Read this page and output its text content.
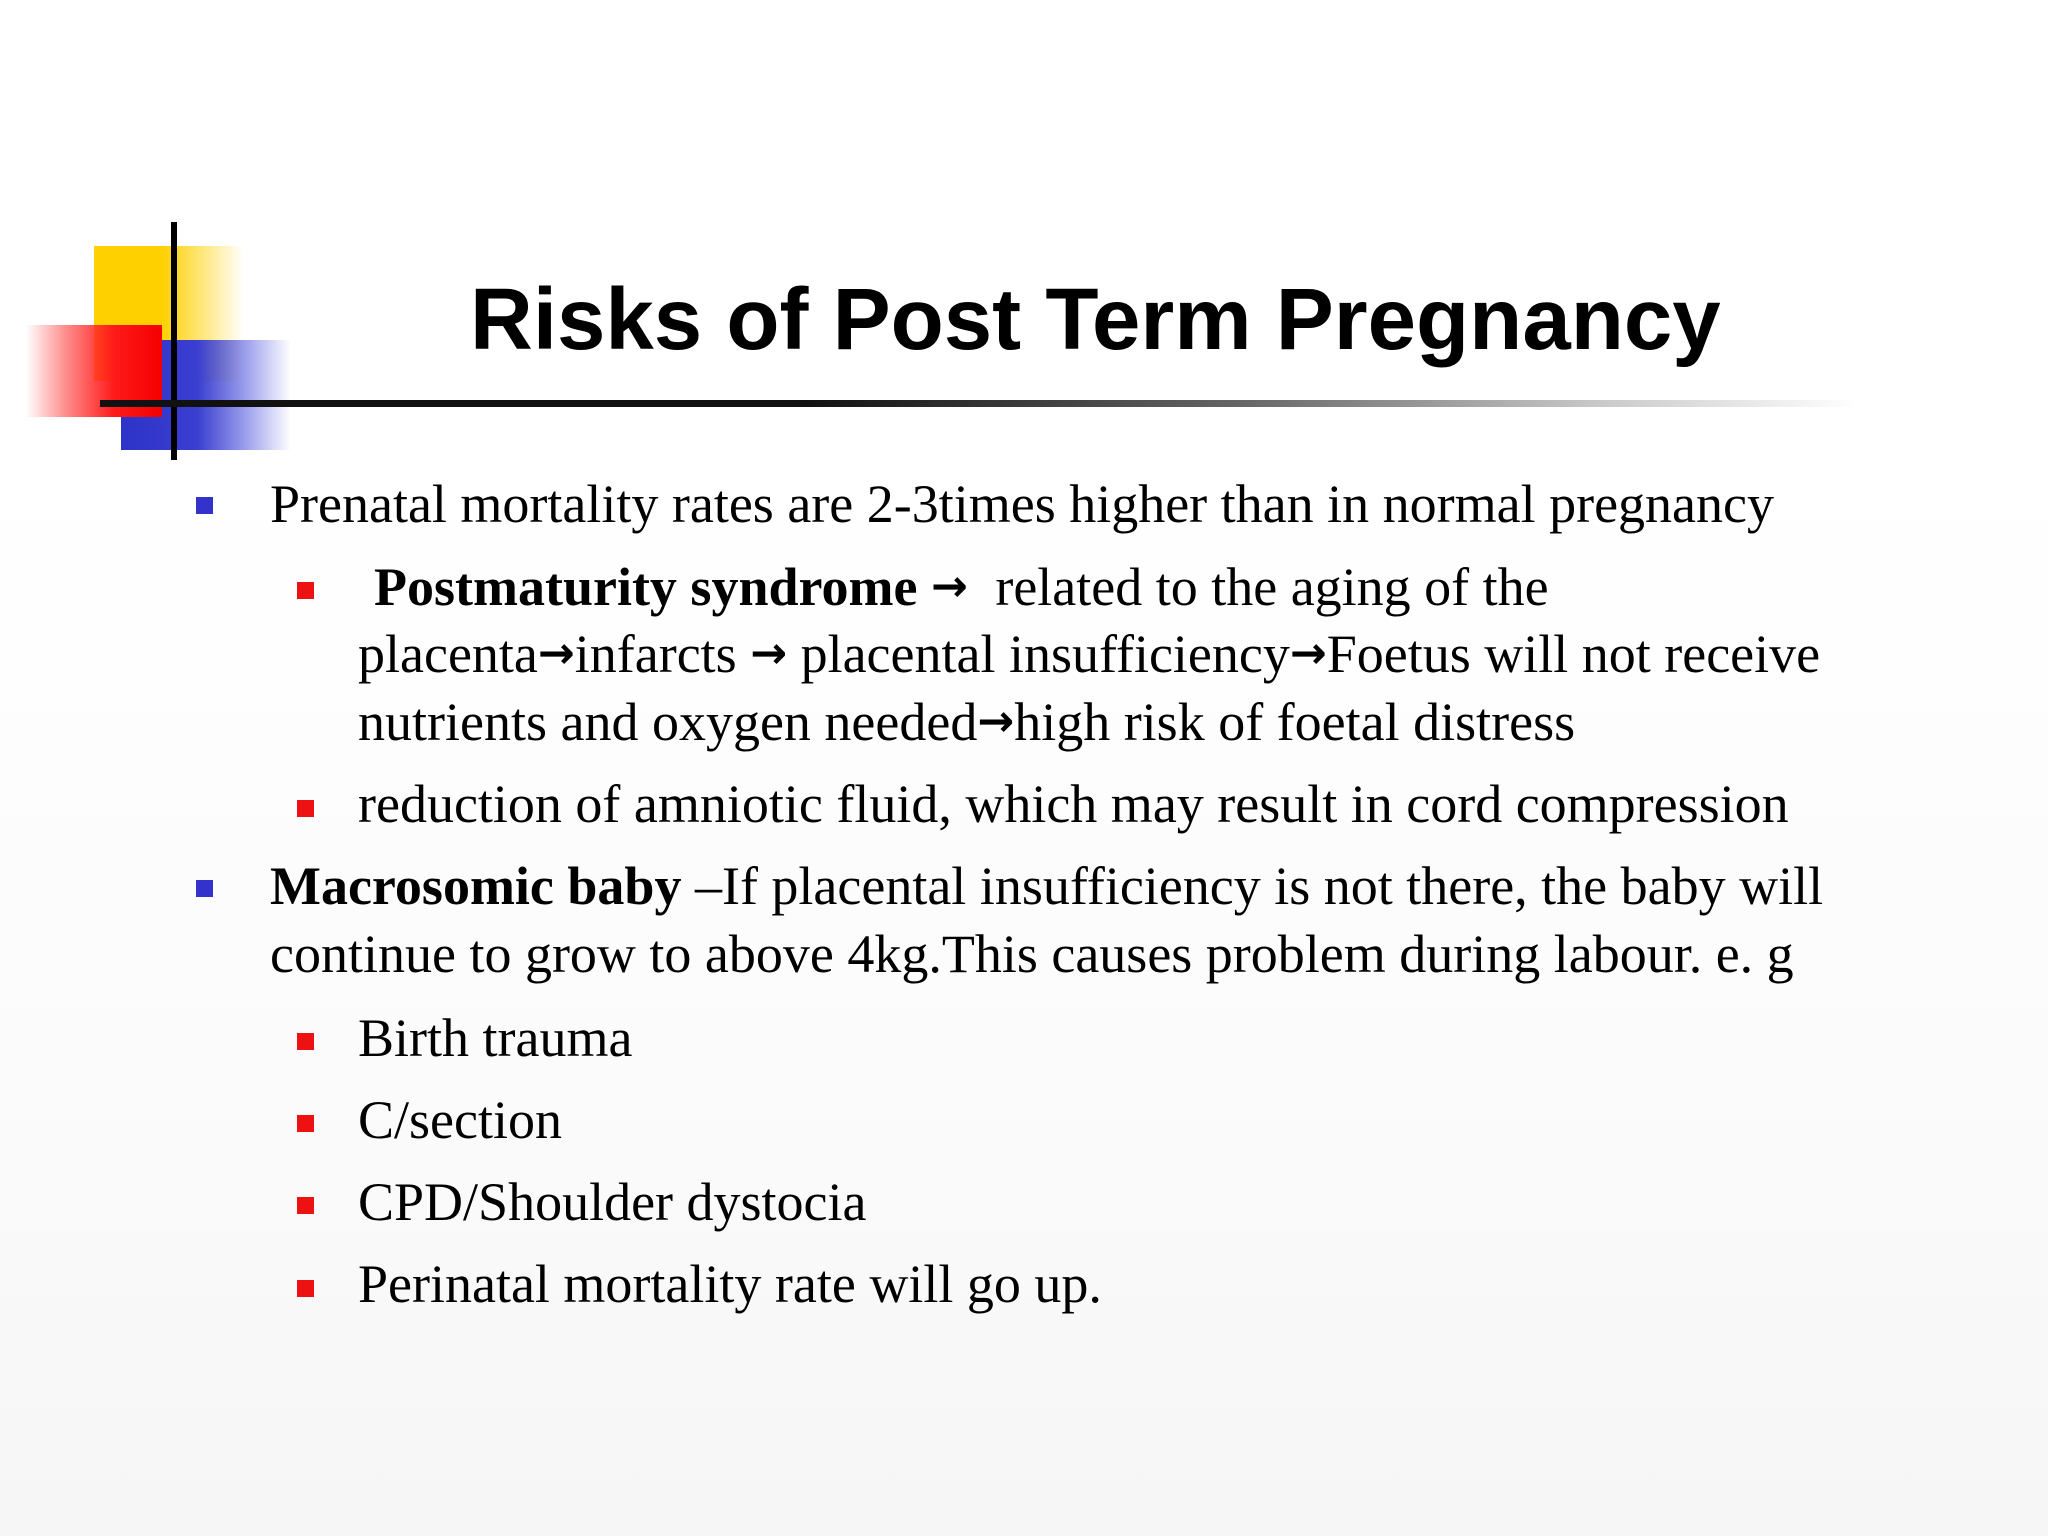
Risks of Post Term Pregnancy
Prenatal mortality rates are 2-3times higher than in normal pregnancy
Postmaturity syndrome → related to the aging of the
placenta→infarcts → placental insufficiency→Foetus will not receive
nutrients and oxygen needed→high risk of foetal distress
reduction of amniotic fluid, which may result in cord compression
Macrosomic baby –If placental insufficiency is not there, the baby will
continue to grow to above 4kg.This causes problem during labour. e. g
Birth trauma
C/section
CPD/Shoulder dystocia
Perinatal mortality rate will go up.
